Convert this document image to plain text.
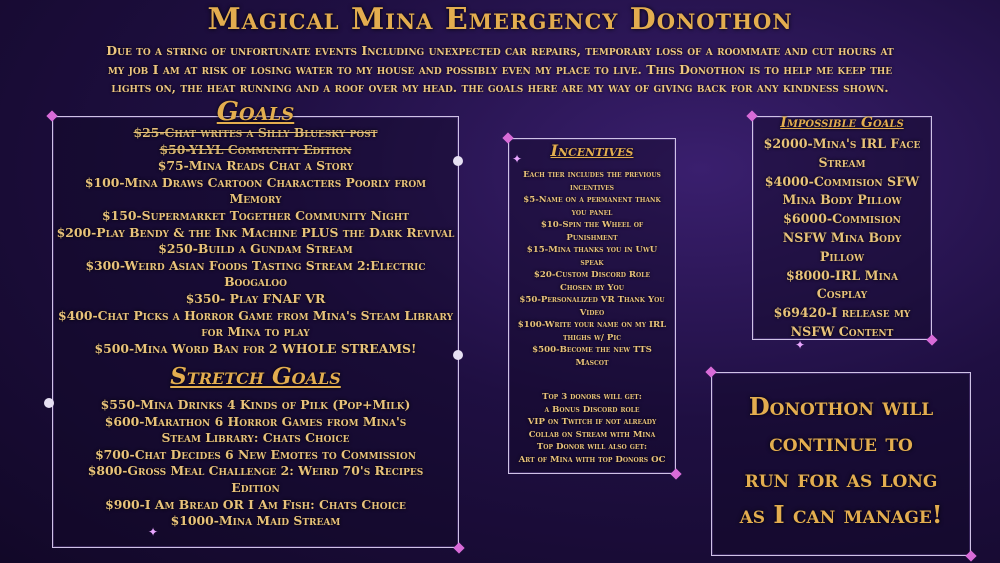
Magical Mina Emergency Donothon
Due to a string of unfortunate events Including unexpected car repairs, temporary loss of a roommate and cut hours at
my job I am at risk of losing water to my house and possibly even my place to live. This Donothon is to help me keep the
lights on, the heat running and a roof over my head. the goals here are my way of giving back for any kindness shown.
Goals
$25-Chat writes a Silly Bluesky post
$50-YLYL Community Edition
$75-Mina Reads Chat a Story
$100-Mina Draws Cartoon Characters Poorly from
Memory
$150-Supermarket Together Community Night
$200-Play Bendy & the Ink Machine PLUS the Dark Revival
$250-Build a Gundam Stream
$300-Weird Asian Foods Tasting Stream 2:Electric
Boogaloo
$350- Play FNAF VR
$400-Chat Picks a Horror Game from Mina's Steam Library
for Mina to play
$500-Mina Word Ban for 2 WHOLE STREAMS!
Stretch Goals
$550-Mina Drinks 4 Kinds of Pilk (Pop+Milk)
$600-Marathon 6 Horror Games from Mina's
Steam Library: Chats Choice
$700-Chat Decides 6 New Emotes to Commission
$800-Gross Meal Challenge 2: Weird 70's Recipes
Edition
$900-I Am Bread OR I Am Fish: Chats Choice
$1000-Mina Maid Stream
Incentives
Each tier includes the previous
incentives
$5-Name on a permanent thank
you panel
$10-Spin the Wheel of
Punishment
$15-Mina thanks you in UwU
speak
$20-Custom Discord Role
Chosen by You
$50-Personalized VR Thank You
Video
$100-Write your name on my IRL
thighs w/ Pic
$500-Become the new TTS
Mascot
Top 3 donors will get:
a Bonus Discord role
VIP on Twitch if not already
Collab on Stream with Mina
Top Donor will also get:
Art of Mina with top Donors OC
Impossible Goals
$2000-Mina's IRL Face
Stream
$4000-Commision SFW
Mina Body Pillow
$6000-Commision
NSFW Mina Body
Pillow
$8000-IRL Mina
Cosplay
$69420-I release my
NSFW Content
Donothon will
continue to
run for as long
as I can manage!
✦
✦
✦
